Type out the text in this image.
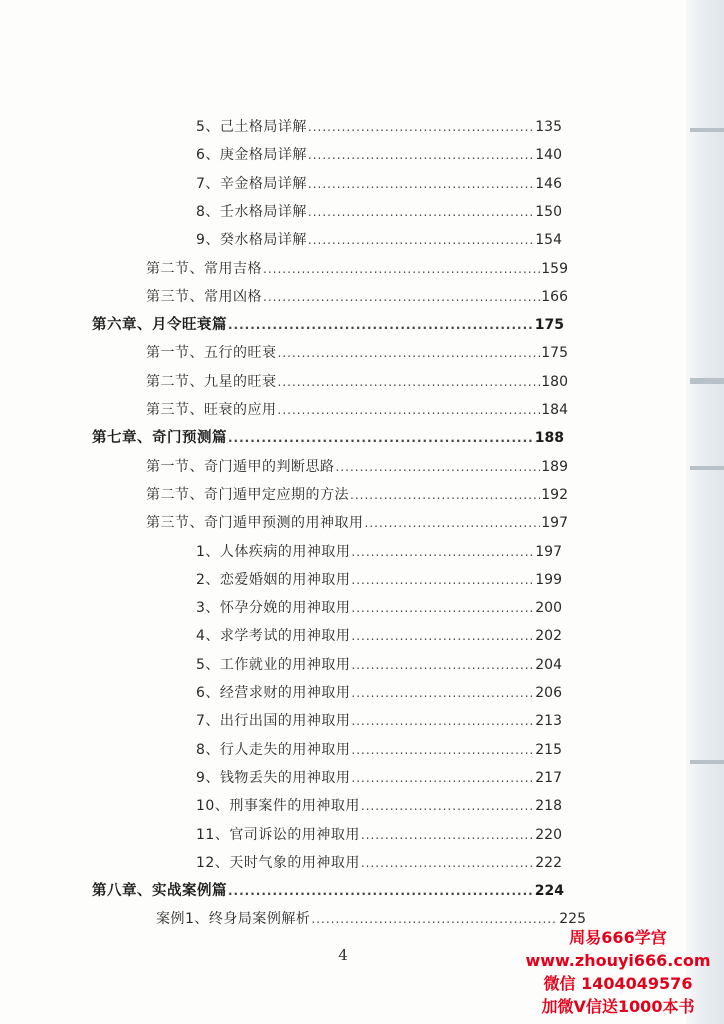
5、己土格局详解 .....	135
6、庚金格局详解 .....	140
7、辛金格局详解 .....	146
8、壬水格局详解 .....	150
9、癸水格局详解 .....	154
第二节、常用吉格 .....	159
第三节、常用凶格 .....	166
第六章、月令旺衰篇 .....	175
第一节、五行的旺衰 .....	175
第二节、九星的旺衰 .....	180
第三节、旺衰的应用 .....	184
第七章、奇门预测篇 .....	188
第一节、奇门遁甲的判断思路 .....	189
第二节、奇门遁甲定应期的方法 .....	192
第三节、奇门遁甲预测的用神取用 .....	197
1、人体疾病的用神取用 .....	197
2、恋爱婚姻的用神取用 .....	199
3、怀孕分娩的用神取用 .....	200
4、求学考试的用神取用 .....	202
5、工作就业的用神取用 .....	204
6、经营求财的用神取用 .....	206
7、出行出国的用神取用 .....	213
8、行人走失的用神取用 .....	215
9、钱物丢失的用神取用 .....	217
10、刑事案件的用神取用 .....	218
11、官司诉讼的用神取用 .....	220
12、天时气象的用神取用 .....	222
第八章、实战案例篇 .....	224
案例1、终身局案例解析 .....	225
4
周易666学宫
www.zhouyi666.com
微信 1404049576
加微V信送1000本书
